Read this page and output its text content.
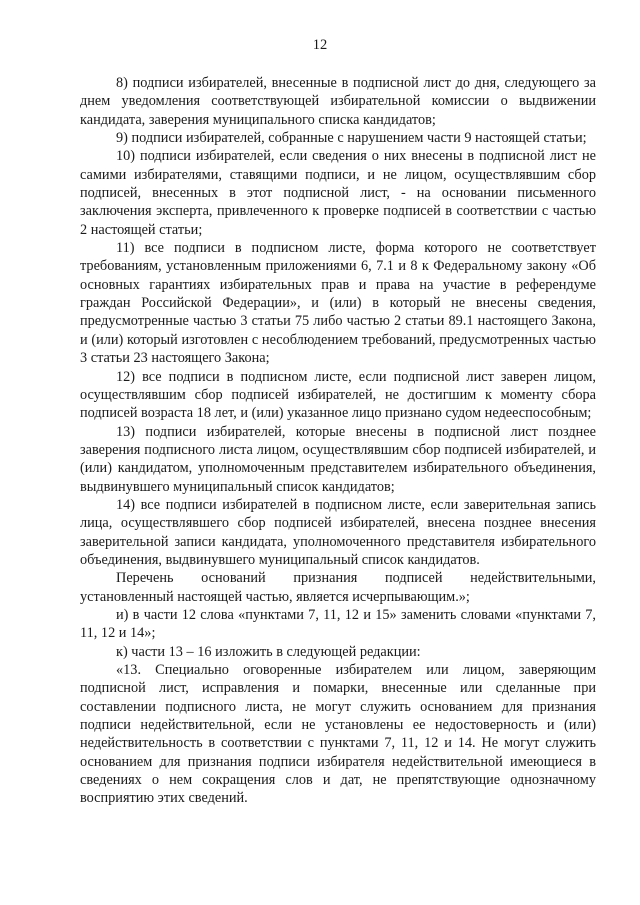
12

8) подписи избирателей, внесенные в подписной лист до дня, следующего за днем уведомления соответствующей избирательной комиссии о выдвижении кандидата, заверения муниципального списка кандидатов;

9) подписи избирателей, собранные с нарушением части 9 настоящей статьи;

10) подписи избирателей, если сведения о них внесены в подписной лист не самими избирателями, ставящими подписи, и не лицом, осуществлявшим сбор подписей, внесенных в этот подписной лист, - на основании письменного заключения эксперта, привлеченного к проверке подписей в соответствии с частью 2 настоящей статьи;

11) все подписи в подписном листе, форма которого не соответствует требованиям, установленным приложениями 6, 7.1 и 8 к Федеральному закону «Об основных гарантиях избирательных прав и права на участие в референдуме граждан Российской Федерации», и (или) в который не внесены сведения, предусмотренные частью 3 статьи 75 либо частью 2 статьи 89.1 настоящего Закона, и (или) который изготовлен с несоблюдением требований, предусмотренных частью 3 статьи 23 настоящего Закона;

12) все подписи в подписном листе, если подписной лист заверен лицом, осуществлявшим сбор подписей избирателей, не достигшим к моменту сбора подписей возраста 18 лет, и (или) указанное лицо признано судом недееспособным;

13) подписи избирателей, которые внесены в подписной лист позднее заверения подписного листа лицом, осуществлявшим сбор подписей избирателей, и (или) кандидатом, уполномоченным представителем избирательного объединения, выдвинувшего муниципальный список кандидатов;

14) все подписи избирателей в подписном листе, если заверительная запись лица, осуществлявшего сбор подписей избирателей, внесена позднее внесения заверительной записи кандидата, уполномоченного представителя избирательного объединения, выдвинувшего муниципальный список кандидатов.

Перечень оснований признания подписей недействительными, установленный настоящей частью, является исчерпывающим.»;

и) в части 12 слова «пунктами 7, 11, 12 и 15» заменить словами «пунктами 7, 11, 12 и 14»;

к) части 13 – 16 изложить в следующей редакции:

«13. Специально оговоренные избирателем или лицом, заверяющим подписной лист, исправления и помарки, внесенные или сделанные при составлении подписного листа, не могут служить основанием для признания подписи недействительной, если не установлены ее недостоверность и (или) недействительность в соответствии с пунктами 7, 11, 12 и 14. Не могут служить основанием для признания подписи избирателя недействительной имеющиеся в сведениях о нем сокращения слов и дат, не препятствующие однозначному восприятию этих сведений.
